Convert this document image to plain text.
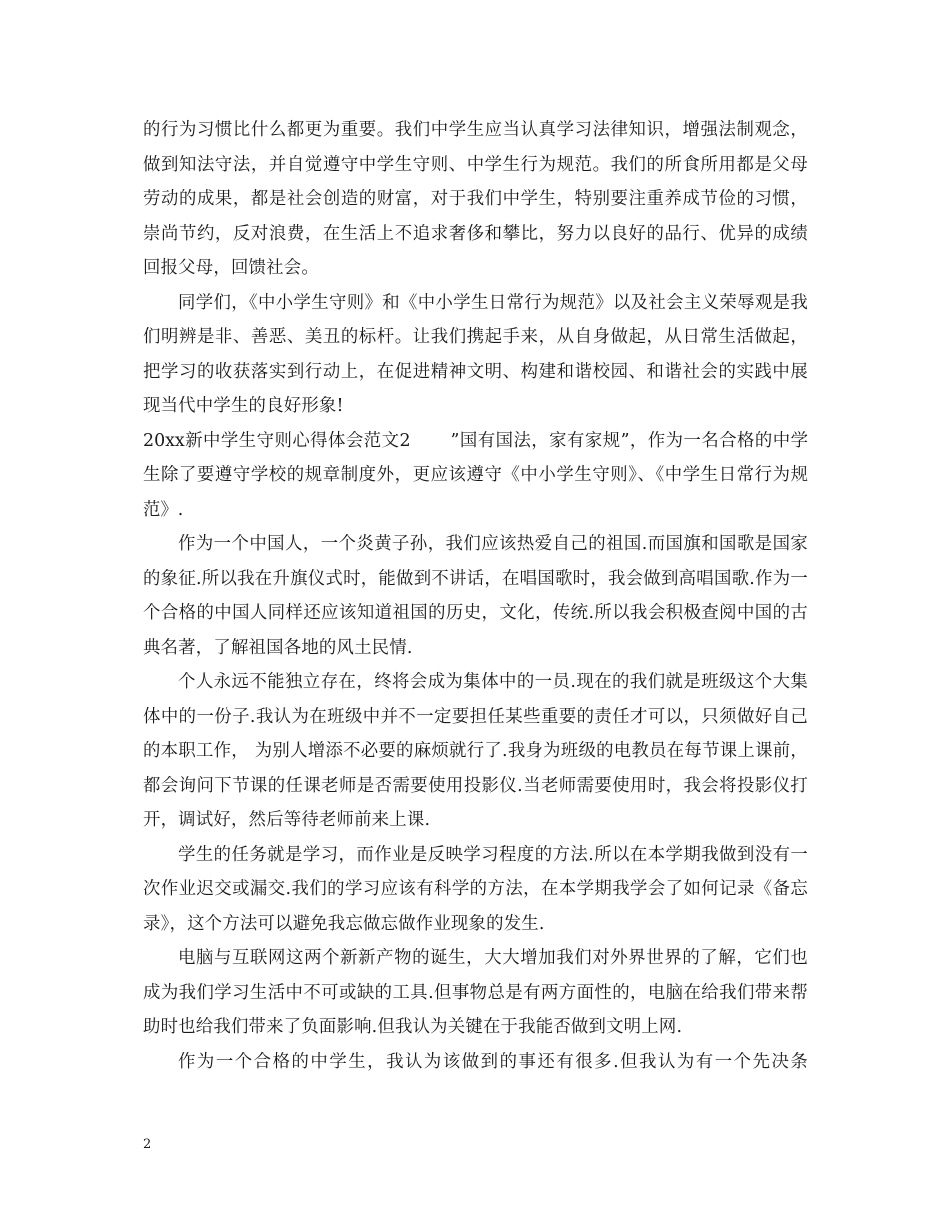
的行为习惯比什么都更为重要。我们中学生应当认真学习法律知识，增强法制观念，做到知法守法，并自觉遵守中学生守则、中学生行为规范。我们的所食所用都是父母劳动的成果，都是社会创造的财富，对于我们中学生，特别要注重养成节俭的习惯，崇尚节约，反对浪费，在生活上不追求奢侈和攀比，努力以良好的品行、优异的成绩回报父母，回馈社会。

同学们，《中小学生守则》和《中小学生日常行为规范》以及社会主义荣辱观是我们明辨是非、善恶、美丑的标杆。让我们携起手来，从自身做起，从日常生活做起，把学习的收获落实到行动上，在促进精神文明、构建和谐校园、和谐社会的实践中展现当代中学生的良好形象!

20xx新中学生守则心得体会范文2 ”国有国法，家有家规”，作为一名合格的中学生除了要遵守学校的规章制度外，更应该遵守《中小学生守则》、《中学生日常行为规范》.

作为一个中国人，一个炎黄子孙，我们应该热爱自己的祖国.而国旗和国歌是国家的象征.所以我在升旗仪式时，能做到不讲话，在唱国歌时，我会做到高唱国歌.作为一个合格的中国人同样还应该知道祖国的历史，文化，传统.所以我会积极查阅中国的古典名著，了解祖国各地的风土民情.

个人永远不能独立存在，终将会成为集体中的一员.现在的我们就是班级这个大集体中的一份子.我认为在班级中并不一定要担任某些重要的责任才可以，只须做好自己的本职工作， 为别人增添不必要的麻烦就行了.我身为班级的电教员在每节课上课前，都会询问下节课的任课老师是否需要使用投影仪.当老师需要使用时，我会将投影仪打开，调试好，然后等待老师前来上课.

学生的任务就是学习，而作业是反映学习程度的方法.所以在本学期我做到没有一次作业迟交或漏交.我们的学习应该有科学的方法，在本学期我学会了如何记录《备忘录》，这个方法可以避免我忘做忘做作业现象的发生.

电脑与互联网这两个新新产物的诞生，大大增加我们对外界世界的了解，它们也成为我们学习生活中不可或缺的工具.但事物总是有两方面性的，电脑在给我们带来帮助时也给我们带来了负面影响.但我认为关键在于我能否做到文明上网.

作为一个合格的中学生，我认为该做到的事还有很多.但我认为有一个先决条

2
